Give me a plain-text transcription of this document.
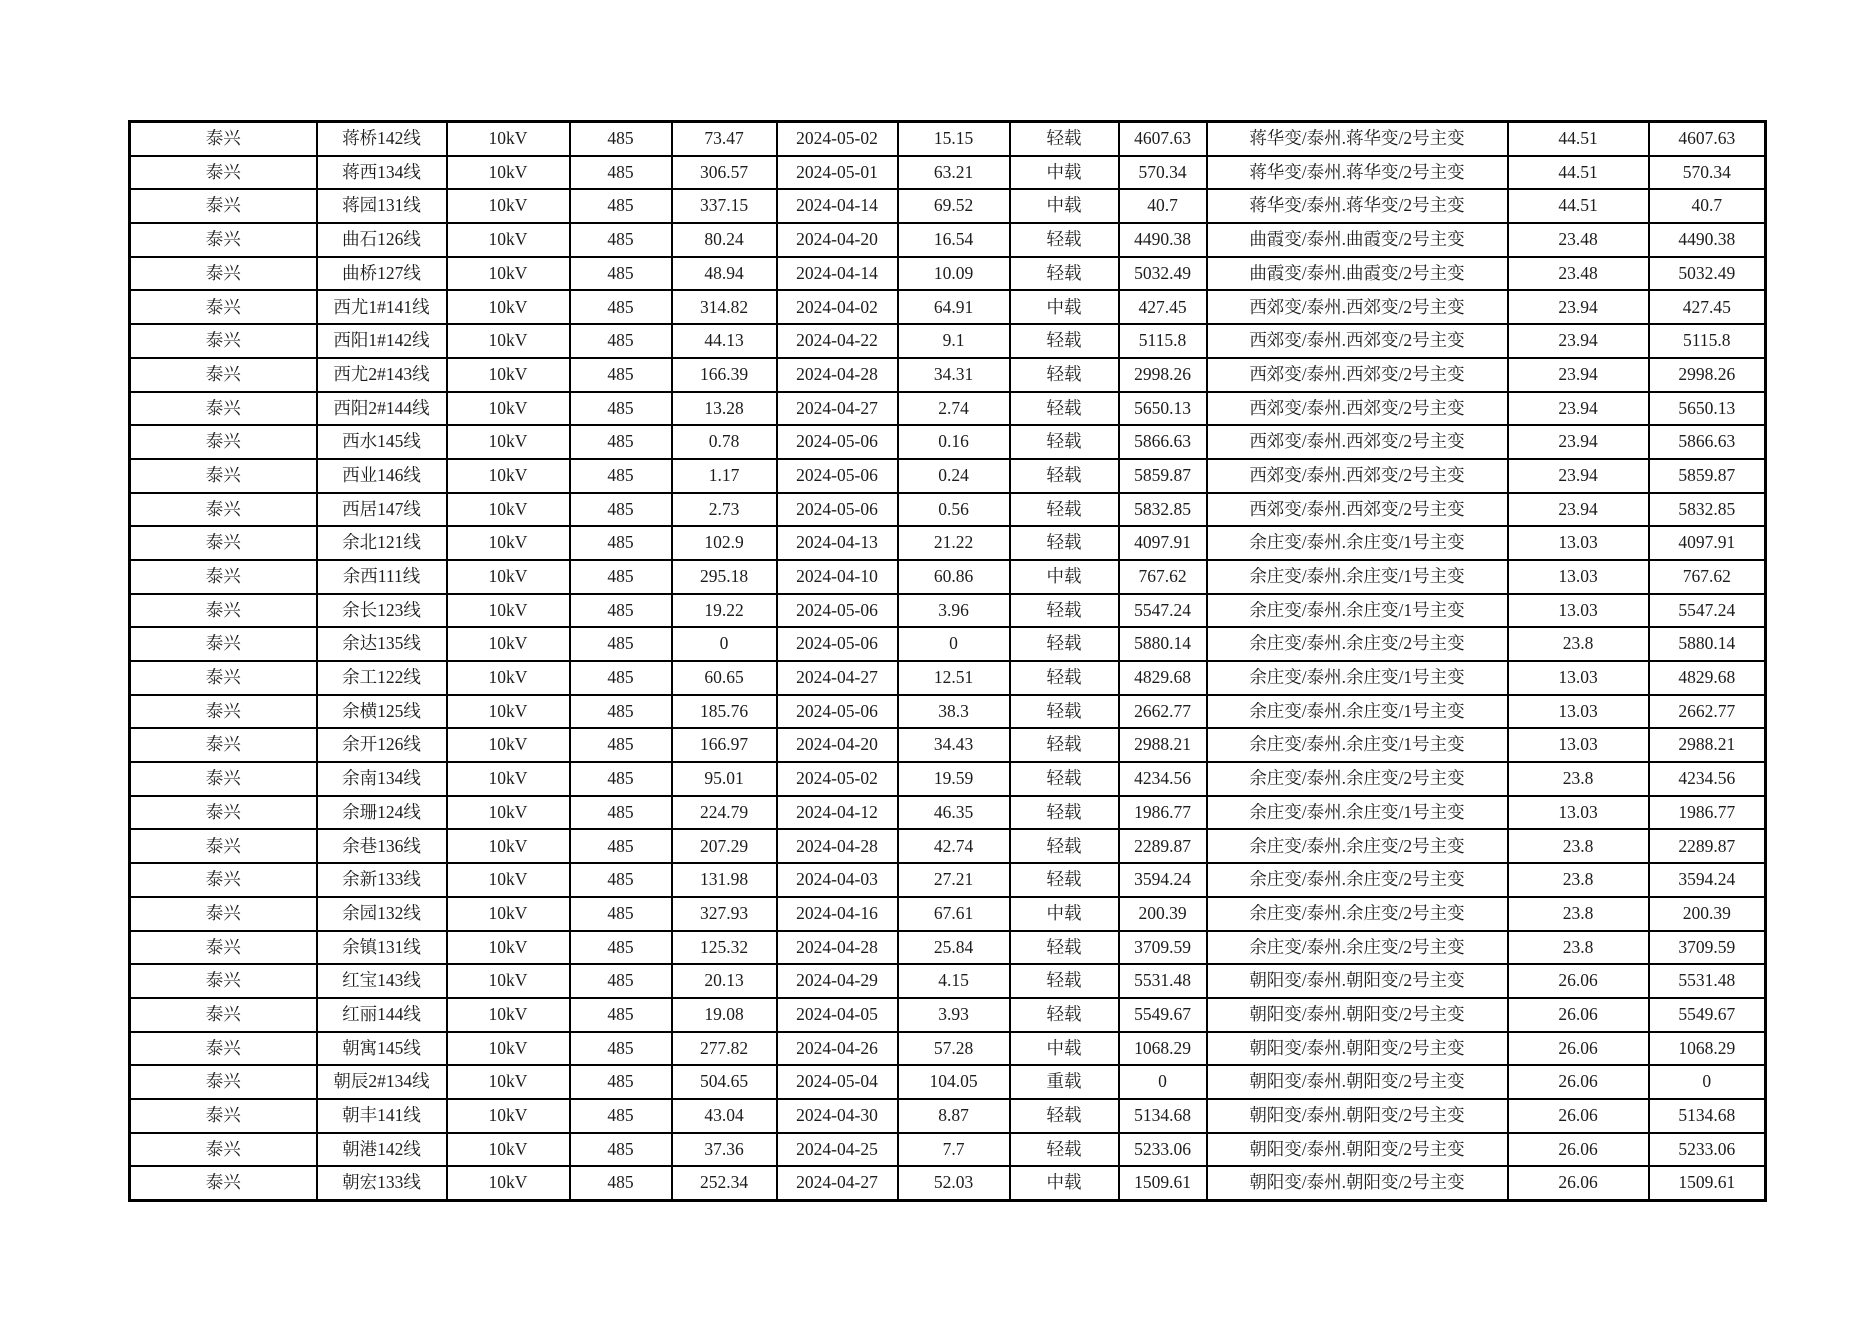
泰兴	蒋桥142线	10kV	485	73.47	2024-05-02	15.15	轻载	4607.63	蒋华变/泰州.蒋华变/2号主变	44.51	4607.63
泰兴	蒋西134线	10kV	485	306.57	2024-05-01	63.21	中载	570.34	蒋华变/泰州.蒋华变/2号主变	44.51	570.34
泰兴	蒋园131线	10kV	485	337.15	2024-04-14	69.52	中载	40.7	蒋华变/泰州.蒋华变/2号主变	44.51	40.7
泰兴	曲石126线	10kV	485	80.24	2024-04-20	16.54	轻载	4490.38	曲霞变/泰州.曲霞变/2号主变	23.48	4490.38
泰兴	曲桥127线	10kV	485	48.94	2024-04-14	10.09	轻载	5032.49	曲霞变/泰州.曲霞变/2号主变	23.48	5032.49
泰兴	西尤1#141线	10kV	485	314.82	2024-04-02	64.91	中载	427.45	西郊变/泰州.西郊变/2号主变	23.94	427.45
泰兴	西阳1#142线	10kV	485	44.13	2024-04-22	9.1	轻载	5115.8	西郊变/泰州.西郊变/2号主变	23.94	5115.8
泰兴	西尤2#143线	10kV	485	166.39	2024-04-28	34.31	轻载	2998.26	西郊变/泰州.西郊变/2号主变	23.94	2998.26
泰兴	西阳2#144线	10kV	485	13.28	2024-04-27	2.74	轻载	5650.13	西郊变/泰州.西郊变/2号主变	23.94	5650.13
泰兴	西水145线	10kV	485	0.78	2024-05-06	0.16	轻载	5866.63	西郊变/泰州.西郊变/2号主变	23.94	5866.63
泰兴	西业146线	10kV	485	1.17	2024-05-06	0.24	轻载	5859.87	西郊变/泰州.西郊变/2号主变	23.94	5859.87
泰兴	西居147线	10kV	485	2.73	2024-05-06	0.56	轻载	5832.85	西郊变/泰州.西郊变/2号主变	23.94	5832.85
泰兴	余北121线	10kV	485	102.9	2024-04-13	21.22	轻载	4097.91	余庄变/泰州.余庄变/1号主变	13.03	4097.91
泰兴	余西111线	10kV	485	295.18	2024-04-10	60.86	中载	767.62	余庄变/泰州.余庄变/1号主变	13.03	767.62
泰兴	余长123线	10kV	485	19.22	2024-05-06	3.96	轻载	5547.24	余庄变/泰州.余庄变/1号主变	13.03	5547.24
泰兴	余达135线	10kV	485	0	2024-05-06	0	轻载	5880.14	余庄变/泰州.余庄变/2号主变	23.8	5880.14
泰兴	余工122线	10kV	485	60.65	2024-04-27	12.51	轻载	4829.68	余庄变/泰州.余庄变/1号主变	13.03	4829.68
泰兴	余横125线	10kV	485	185.76	2024-05-06	38.3	轻载	2662.77	余庄变/泰州.余庄变/1号主变	13.03	2662.77
泰兴	余开126线	10kV	485	166.97	2024-04-20	34.43	轻载	2988.21	余庄变/泰州.余庄变/1号主变	13.03	2988.21
泰兴	余南134线	10kV	485	95.01	2024-05-02	19.59	轻载	4234.56	余庄变/泰州.余庄变/2号主变	23.8	4234.56
泰兴	余珊124线	10kV	485	224.79	2024-04-12	46.35	轻载	1986.77	余庄变/泰州.余庄变/1号主变	13.03	1986.77
泰兴	余巷136线	10kV	485	207.29	2024-04-28	42.74	轻载	2289.87	余庄变/泰州.余庄变/2号主变	23.8	2289.87
泰兴	余新133线	10kV	485	131.98	2024-04-03	27.21	轻载	3594.24	余庄变/泰州.余庄变/2号主变	23.8	3594.24
泰兴	余园132线	10kV	485	327.93	2024-04-16	67.61	中载	200.39	余庄变/泰州.余庄变/2号主变	23.8	200.39
泰兴	余镇131线	10kV	485	125.32	2024-04-28	25.84	轻载	3709.59	余庄变/泰州.余庄变/2号主变	23.8	3709.59
泰兴	红宝143线	10kV	485	20.13	2024-04-29	4.15	轻载	5531.48	朝阳变/泰州.朝阳变/2号主变	26.06	5531.48
泰兴	红丽144线	10kV	485	19.08	2024-04-05	3.93	轻载	5549.67	朝阳变/泰州.朝阳变/2号主变	26.06	5549.67
泰兴	朝寓145线	10kV	485	277.82	2024-04-26	57.28	中载	1068.29	朝阳变/泰州.朝阳变/2号主变	26.06	1068.29
泰兴	朝辰2#134线	10kV	485	504.65	2024-05-04	104.05	重载	0	朝阳变/泰州.朝阳变/2号主变	26.06	0
泰兴	朝丰141线	10kV	485	43.04	2024-04-30	8.87	轻载	5134.68	朝阳变/泰州.朝阳变/2号主变	26.06	5134.68
泰兴	朝港142线	10kV	485	37.36	2024-04-25	7.7	轻载	5233.06	朝阳变/泰州.朝阳变/2号主变	26.06	5233.06
泰兴	朝宏133线	10kV	485	252.34	2024-04-27	52.03	中载	1509.61	朝阳变/泰州.朝阳变/2号主变	26.06	1509.61
